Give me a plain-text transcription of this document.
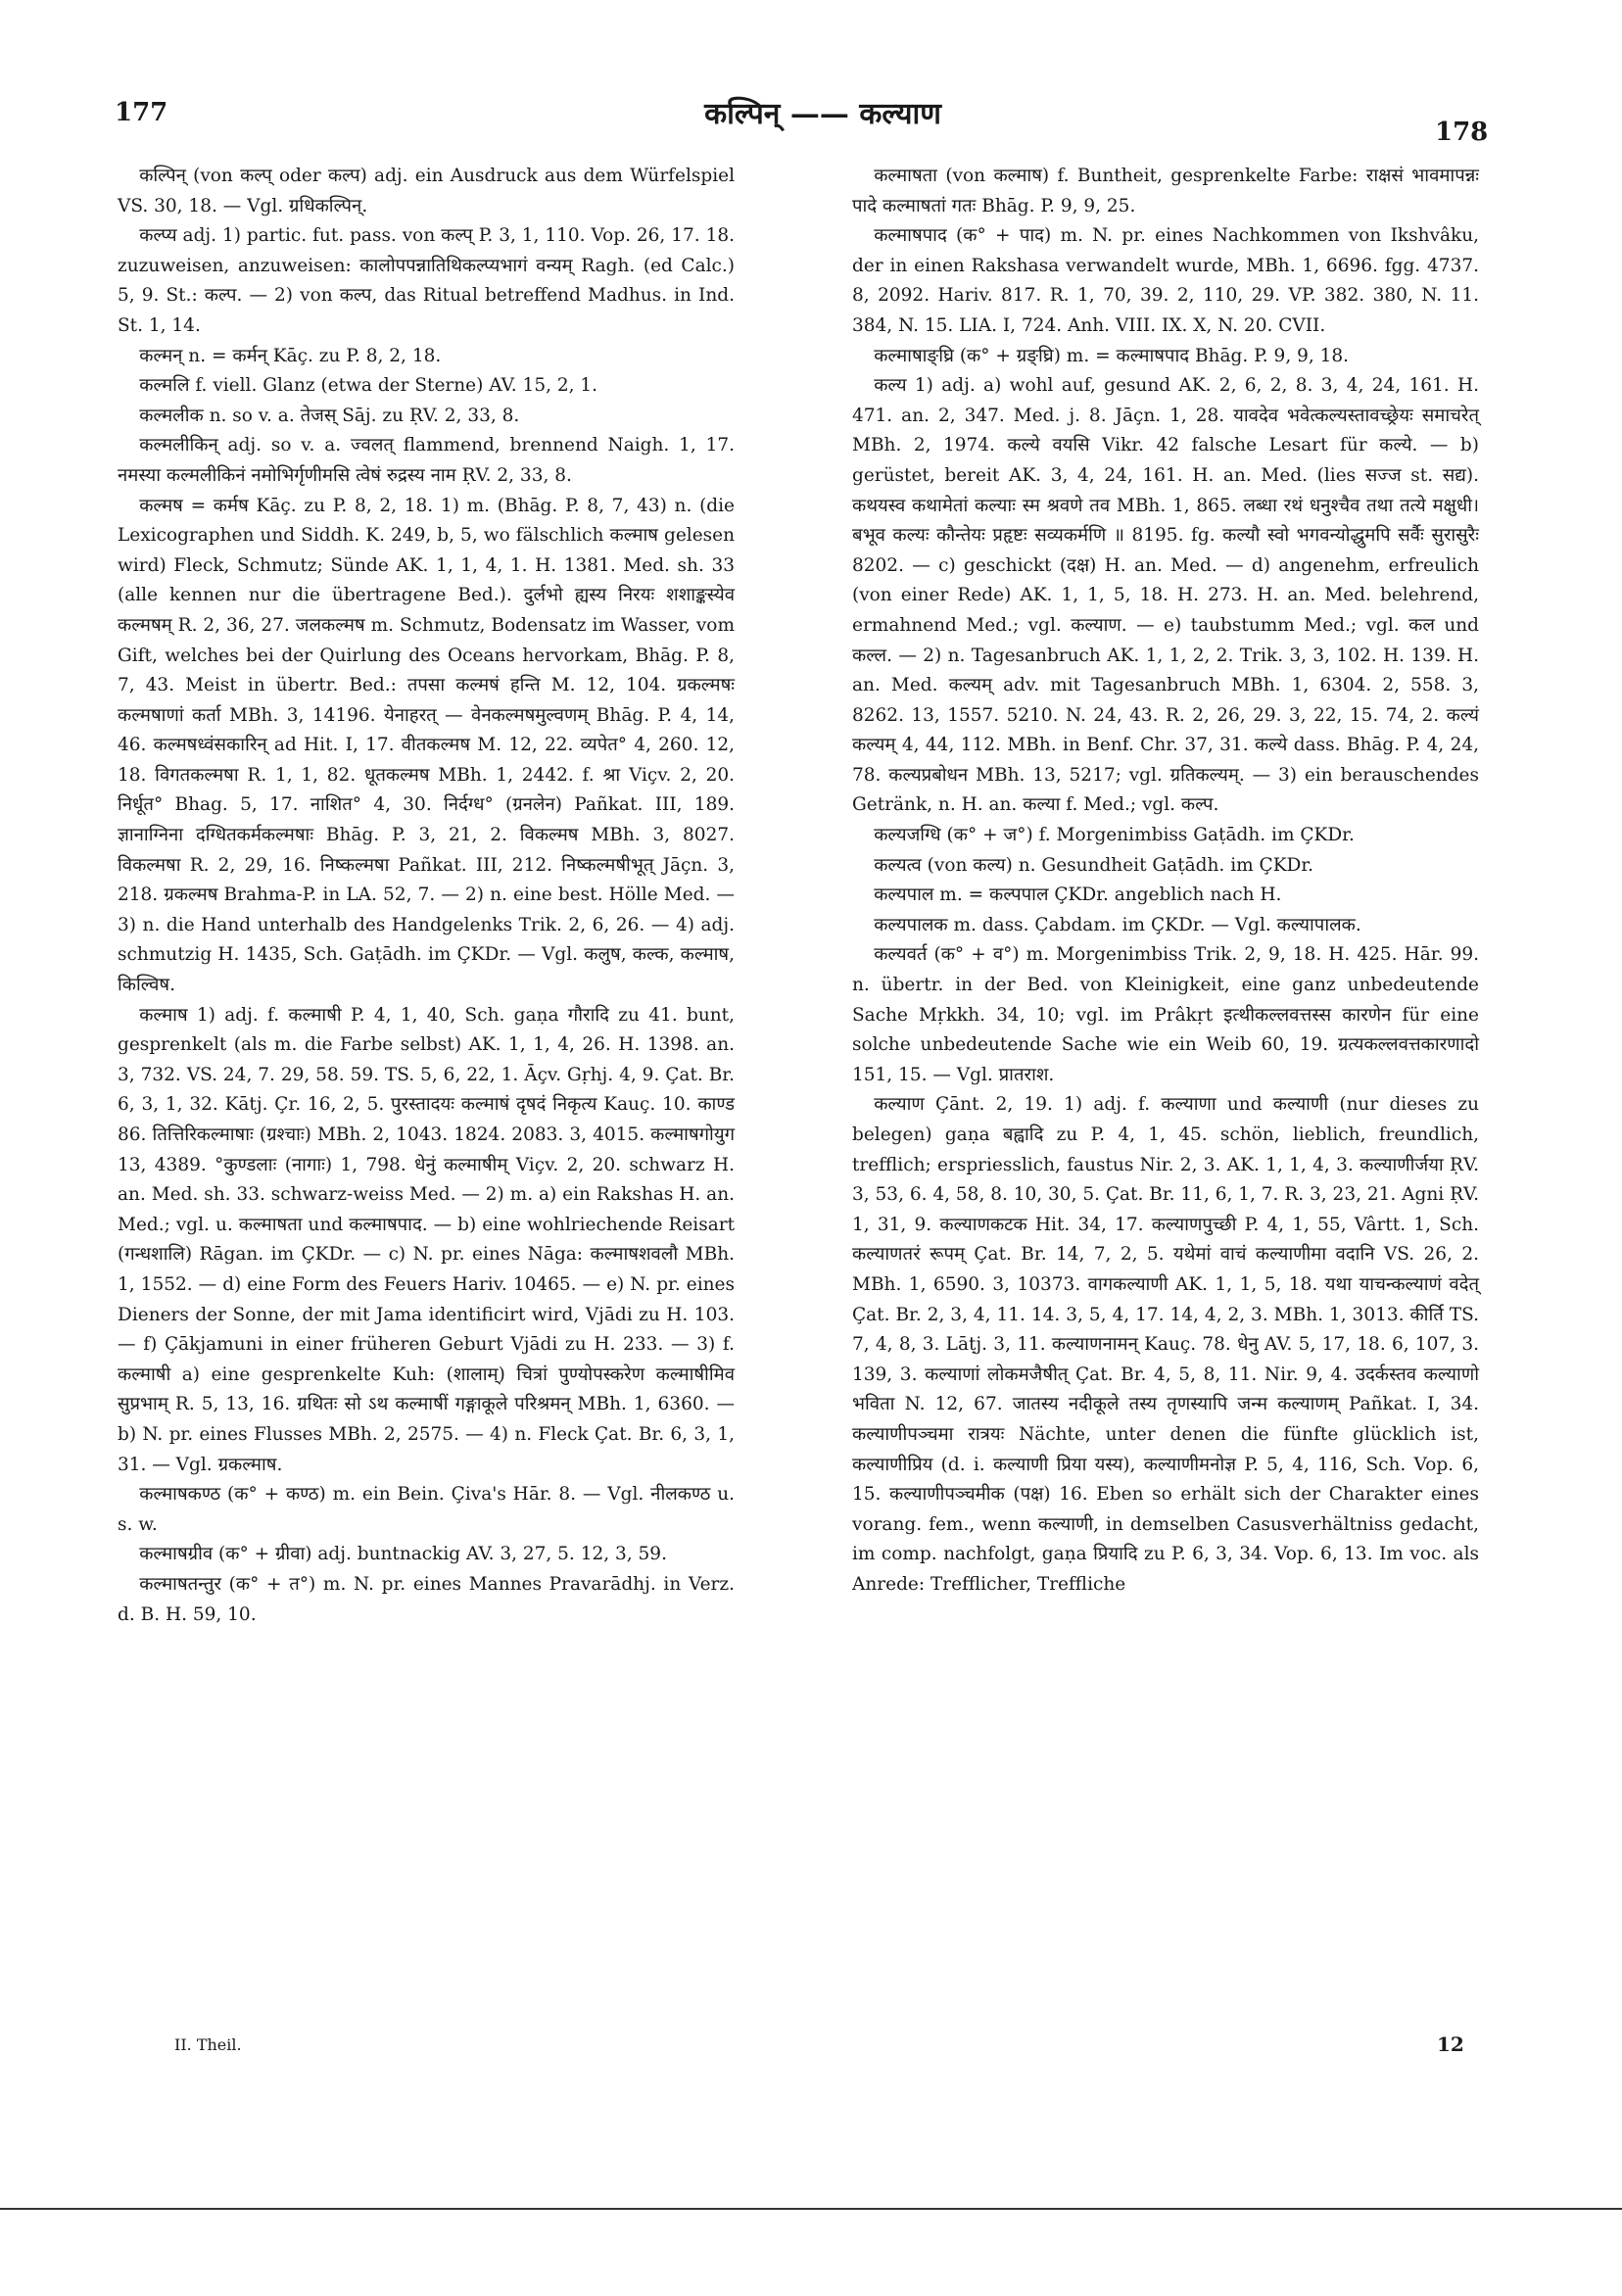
177	कल्पिन् —— कल्याण
178

कल्पिन् (von कल्प् oder कल्प) adj. ein Ausdruck aus dem Würfelspiel VS. 30, 18. — Vgl. ग्रधिकल्पिन्.

कल्प्य adj. 1) partic. fut. pass. von कल्प् P. 3, 1, 110. Vop. 26, 17. 18. zuzuweisen, anzuweisen: कालोपपन्नातिथिकल्प्यभागं वन्यम् Ragh. (ed Calc.) 5, 9. St.: कल्प. — 2) von कल्प, das Ritual betreffend Madhus. in Ind. St. 1, 14.

कल्मन् n. = कर्मन् Kāç. zu P. 8, 2, 18.

कल्मलि f. viell. Glanz (etwa der Sterne) AV. 15, 2, 1.

कल्मलीक n. so v. a. तेजस् Sāj. zu ṚV. 2, 33, 8.

कल्मलीकिन् adj. so v. a. ज्वलत् flammend, brennend Naigh. 1, 17. नमस्या कल्मलीकिनं नमोभिर्गृणीमसि त्वेषं रुद्रस्य नाम ṚV. 2, 33, 8.

कल्मष = कर्मष Kāç. zu P. 8, 2, 18. 1) m. (Bhāg. P. 8, 7, 43) n. (die Lexicographen und Siddh. K. 249, b, 5, wo fälschlich कल्माष gelesen wird) Fleck, Schmutz; Sünde AK. 1, 1, 4, 1. H. 1381. Med. sh. 33 (alle kennen nur die übertragene Bed.). दुर्लभो ह्यस्य निरयः शशाङ्कस्येव कल्मषम् R. 2, 36, 27. जलकल्मष m. Schmutz, Bodensatz im Wasser, vom Gift, welches bei der Quirlung des Oceans hervorkam, Bhāg. P. 8, 7, 43. Meist in übertr. Bed.: तपसा कल्मषं हन्ति M. 12, 104. ग्रकल्मषः कल्मषाणां कर्ता MBh. 3, 14196. येनाहरत् — वेनकल्मषमुल्वणम् Bhāg. P. 4, 14, 46. कल्मषध्वंसकारिन् ad Hit. I, 17. वीतकल्मष M. 12, 22. व्यपेत° 4, 260. 12, 18. विगतकल्मषा R. 1, 1, 82. धूतकल्मष MBh. 1, 2442. f. श्रा Viçv. 2, 20. निर्धूत° Bhag. 5, 17. नाशित° 4, 30. निर्दग्ध° (ग्रनलेन) Pañkat. III, 189. ज्ञानाग्निना दग्धितकर्मकल्मषाः Bhāg. P. 3, 21, 2. विकल्मष MBh. 3, 8027. विकल्मषा R. 2, 29, 16. निष्कल्मषा Pañkat. III, 212. निष्कल्मषीभूत् Jāçn. 3, 218. ग्रकल्मष Brahma-P. in LA. 52, 7. — 2) n. eine best. Hölle Med. — 3) n. die Hand unterhalb des Handgelenks Trik. 2, 6, 26. — 4) adj. schmutzig H. 1435, Sch. Gaṭādh. im ÇKDr. — Vgl. कलुष, कल्क, कल्माष, किल्विष.

कल्माष 1) adj. f. कल्माषी P. 4, 1, 40, Sch. gaṇa गौरादि zu 41. bunt, gesprenkelt (als m. die Farbe selbst) AK. 1, 1, 4, 26. H. 1398. an. 3, 732. VS. 24, 7. 29, 58. 59. TS. 5, 6, 22, 1. Āçv. Gṛhj. 4, 9. Çat. Br. 6, 3, 1, 32. Kātj. Çr. 16, 2, 5. पुरस्तादयः कल्माषं दृषदं निकृत्य Kauç. 10. काण्ड 86. तित्तिरिकल्माषाः (ग्रश्चाः) MBh. 2, 1043. 1824. 2083. 3, 4015. कल्माषगोयुग 13, 4389. °कुण्डलाः (नागाः) 1, 798. धेनुं कल्माषीम् Viçv. 2, 20. schwarz H. an. Med. sh. 33. schwarz-weiss Med. — 2) m. a) ein Rakshas H. an. Med.; vgl. u. कल्माषता und कल्माषपाद. — b) eine wohlriechende Reisart (गन्धशालि) Rāgan. im ÇKDr. — c) N. pr. eines Nāga: कल्माषशवलौ MBh. 1, 1552. — d) eine Form des Feuers Hariv. 10465. — e) N. pr. eines Dieners der Sonne, der mit Jama identificirt wird, Vjādi zu H. 103. — f) Çākjamuni in einer früheren Geburt Vjādi zu H. 233. — 3) f. कल्माषी a) eine gesprenkelte Kuh: (शालाम्) चित्रां पुण्योपस्करेण कल्माषीमिव सुप्रभाम् R. 5, 13, 16. ग्रथितः सो ऽथ कल्माषीं गङ्गाकूले परिश्रमन् MBh. 1, 6360. — b) N. pr. eines Flusses MBh. 2, 2575. — 4) n. Fleck Çat. Br. 6, 3, 1, 31. — Vgl. ग्रकल्माष.

कल्माषकण्ठ (क° + कण्ठ) m. ein Bein. Çiva's Hār. 8. — Vgl. नीलकण्ठ u. s. w.

कल्माषग्रीव (क° + ग्रीवा) adj. buntnackig AV. 3, 27, 5. 12, 3, 59.

कल्माषतन्तुर (क° + त°) m. N. pr. eines Mannes Pravarādhj. in Verz. d. B. H. 59, 10.

कल्माषता (von कल्माष) f. Buntheit, gesprenkelte Farbe: राक्षसं भावमापन्नः पादे कल्माषतां गतः Bhāg. P. 9, 9, 25.

कल्माषपाद (क° + पाद) m. N. pr. eines Nachkommen von Ikshvâku, der in einen Rakshasa verwandelt wurde, MBh. 1, 6696. fgg. 4737. 8, 2092. Hariv. 817. R. 1, 70, 39. 2, 110, 29. VP. 382. 380, N. 11. 384, N. 15. LIA. I, 724. Anh. VIII. IX. X, N. 20. CVII.

कल्माषाङ्घ्रि (क° + ग्रङ्घ्रि) m. = कल्माषपाद Bhāg. P. 9, 9, 18.

कल्य 1) adj. a) wohl auf, gesund AK. 2, 6, 2, 8. 3, 4, 24, 161. H. 471. an. 2, 347. Med. j. 8. Jāçn. 1, 28. यावदेव भवेत्कल्यस्तावच्छ्रेयः समाचरेत् MBh. 2, 1974. कल्ये वयसि Vikr. 42 falsche Lesart für कल्ये. — b) gerüstet, bereit AK. 3, 4, 24, 161. H. an. Med. (lies सज्ज st. सद्य). कथयस्व कथामेतां कल्याः स्म श्रवणे तव MBh. 1, 865. लब्धा रथं धनुश्चैव तथा तत्ये मक्षुधी। बभूव कल्यः कौन्तेयः प्रहृष्टः सव्यकर्मणि ॥ 8195. fg. कल्यौ स्वो भगवन्योद्धुमपि सर्वैः सुरासुरैः 8202. — c) geschickt (दक्ष) H. an. Med. — d) angenehm, erfreulich (von einer Rede) AK. 1, 1, 5, 18. H. 273. H. an. Med. belehrend, ermahnend Med.; vgl. कल्याण. — e) taubstumm Med.; vgl. कल und कल्ल. — 2) n. Tagesanbruch AK. 1, 1, 2, 2. Trik. 3, 3, 102. H. 139. H. an. Med. कल्यम् adv. mit Tagesanbruch MBh. 1, 6304. 2, 558. 3, 8262. 13, 1557. 5210. N. 24, 43. R. 2, 26, 29. 3, 22, 15. 74, 2. कल्यं कल्यम् 4, 44, 112. MBh. in Benf. Chr. 37, 31. कल्ये dass. Bhāg. P. 4, 24, 78. कल्यप्रबोधन MBh. 13, 5217; vgl. ग्रतिकल्यम्. — 3) ein berauschendes Getränk, n. H. an. कल्या f. Med.; vgl. कल्प.

कल्यजग्धि (क° + ज°) f. Morgenimbiss Gaṭādh. im ÇKDr.

कल्यत्व (von कल्य) n. Gesundheit Gaṭādh. im ÇKDr.

कल्यपाल m. = कल्पपाल ÇKDr. angeblich nach H.

कल्यपालक m. dass. Çabdam. im ÇKDr. — Vgl. कल्यापालक.

कल्यवर्त (क° + व°) m. Morgenimbiss Trik. 2, 9, 18. H. 425. Hār. 99. n. übertr. in der Bed. von Kleinigkeit, eine ganz unbedeutende Sache Mṛkkh. 34, 10; vgl. im Prâkṛt इत्थीकल्लवत्तस्स कारणेन für eine solche unbedeutende Sache wie ein Weib 60, 19. ग्रत्यकल्लवत्तकारणादो 151, 15. — Vgl. प्रातराश.

कल्याण Çānt. 2, 19. 1) adj. f. कल्याणा und कल्याणी (nur dieses zu belegen) gaṇa बह्वादि zu P. 4, 1, 45. schön, lieblich, freundlich, trefflich; erspriesslich, faustus Nir. 2, 3. AK. 1, 1, 4, 3. कल्याणीर्जया ṚV. 3, 53, 6. 4, 58, 8. 10, 30, 5. Çat. Br. 11, 6, 1, 7. R. 3, 23, 21. Agni ṚV. 1, 31, 9. कल्याणकटक Hit. 34, 17. कल्याणपुच्छी P. 4, 1, 55, Vârtt. 1, Sch. कल्याणतरं रूपम् Çat. Br. 14, 7, 2, 5. यथेमां वाचं कल्याणीमा वदानि VS. 26, 2. MBh. 1, 6590. 3, 10373. वागकल्याणी AK. 1, 1, 5, 18. यथा याचन्कल्याणं वदेत् Çat. Br. 2, 3, 4, 11. 14. 3, 5, 4, 17. 14, 4, 2, 3. MBh. 1, 3013. कीर्ति TS. 7, 4, 8, 3. Lāṭj. 3, 11. कल्याणनामन् Kauç. 78. धेनु AV. 5, 17, 18. 6, 107, 3. 139, 3. कल्याणां लोकमजैषीत् Çat. Br. 4, 5, 8, 11. Nir. 9, 4. उदर्कस्तव कल्याणो भविता N. 12, 67. जातस्य नदीकूले तस्य तृणस्यापि जन्म कल्याणम् Pañkat. I, 34. कल्याणीपञ्चमा रात्रयः Nächte, unter denen die fünfte glücklich ist, कल्याणीप्रिय (d. i. कल्याणी प्रिया यस्य), कल्याणीमनोज्ञ P. 5, 4, 116, Sch. Vop. 6, 15. कल्याणीपञ्चमीक (पक्ष) 16. Eben so erhält sich der Charakter eines vorang. fem., wenn कल्याणी, in demselben Casusverhältniss gedacht, im comp. nachfolgt, gaṇa प्रियादि zu P. 6, 3, 34. Vop. 6, 13. Im voc. als Anrede: Trefflicher, Treffliche

II. Theil.	12
